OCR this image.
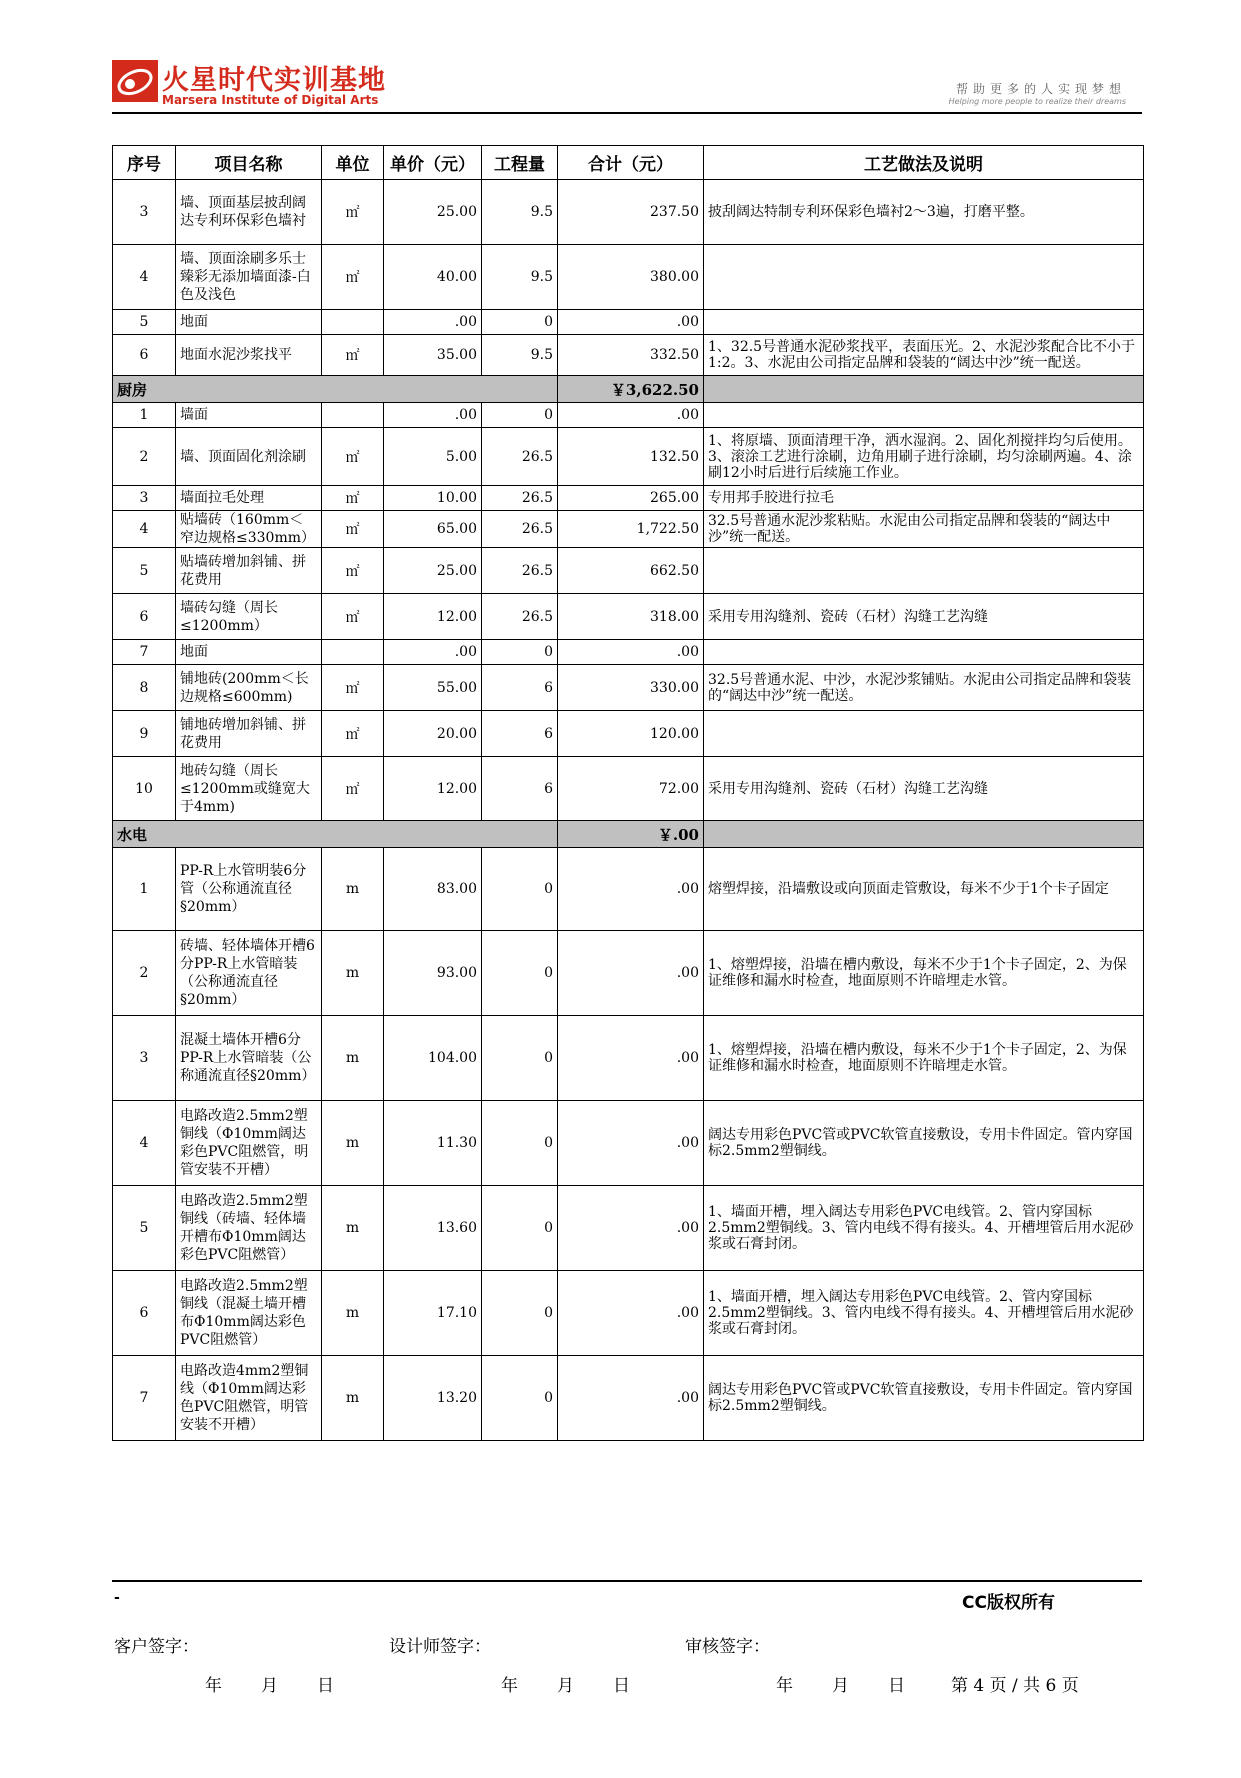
火星时代实训基地
Marsera Institute of Digital Arts
帮助更多的人实现梦想
Helping more people to realize their dreams
序号	项目名称	单位	单价（元）	工程量	合计（元）	工艺做法及说明
3	墙、顶面基层披刮阔达专利环保彩色墙衬	㎡	25.00	9.5	237.50	披刮阔达特制专利环保彩色墙衬2～3遍，打磨平整。
4	墙、顶面涂刷多乐士臻彩无添加墙面漆-白色及浅色	㎡	40.00	9.5	380.00	
5	地面		.00	0	.00	
6	地面水泥沙浆找平	㎡	35.00	9.5	332.50	1、32.5号普通水泥砂浆找平，表面压光。2、水泥沙浆配合比不小于1:2。3、水泥由公司指定品牌和袋装的“阔达中沙”统一配送。
厨房					￥3,622.50	
1	墙面		.00	0	.00	
2	墙、顶面固化剂涂刷	㎡	5.00	26.5	132.50	1、将原墙、顶面清理干净，洒水湿润。2、固化剂搅拌均匀后使用。3、滚涂工艺进行涂刷，边角用刷子进行涂刷，均匀涂刷两遍。4、涂刷12小时后进行后续施工作业。
3	墙面拉毛处理	㎡	10.00	26.5	265.00	专用邦手胶进行拉毛
4	贴墙砖（160mm＜窄边规格≤330mm）	㎡	65.00	26.5	1,722.50	32.5号普通水泥沙浆粘贴。水泥由公司指定品牌和袋装的“阔达中沙”统一配送。
5	贴墙砖增加斜铺、拼花费用	㎡	25.00	26.5	662.50	
6	墙砖勾缝（周长≤1200mm）	㎡	12.00	26.5	318.00	采用专用沟缝剂、瓷砖（石材）沟缝工艺沟缝
7	地面		.00	0	.00	
8	铺地砖(200mm＜长边规格≤600mm)	㎡	55.00	6	330.00	32.5号普通水泥、中沙，水泥沙浆铺贴。水泥由公司指定品牌和袋装的“阔达中沙”统一配送。
9	铺地砖增加斜铺、拼花费用	㎡	20.00	6	120.00	
10	地砖勾缝（周长≤1200mm或缝宽大于4mm)	㎡	12.00	6	72.00	采用专用沟缝剂、瓷砖（石材）沟缝工艺沟缝
水电					￥.00	
1	PP-R上水管明装6分管（公称通流直径§20mm）	m	83.00	0	.00	熔塑焊接，沿墙敷设或向顶面走管敷设，每米不少于1个卡子固定
2	砖墙、轻体墙体开槽6分PP-R上水管暗装（公称通流直径§20mm）	m	93.00	0	.00	1、熔塑焊接，沿墙在槽内敷设，每米不少于1个卡子固定，2、为保证维修和漏水时检查，地面原则不许暗埋走水管。
3	混凝土墙体开槽6分PP-R上水管暗装（公称通流直径§20mm）	m	104.00	0	.00	1、熔塑焊接，沿墙在槽内敷设，每米不少于1个卡子固定，2、为保证维修和漏水时检查，地面原则不许暗埋走水管。
4	电路改造2.5mm2塑铜线（Φ10mm阔达彩色PVC阻燃管，明管安装不开槽）	m	11.30	0	.00	阔达专用彩色PVC管或PVC软管直接敷设，专用卡件固定。管内穿国标2.5mm2塑铜线。
5	电路改造2.5mm2塑铜线（砖墙、轻体墙开槽布Φ10mm阔达彩色PVC阻燃管）	m	13.60	0	.00	1、墙面开槽，埋入阔达专用彩色PVC电线管。2、管内穿国标2.5mm2塑铜线。3、管内电线不得有接头。4、开槽埋管后用水泥砂浆或石膏封闭。
6	电路改造2.5mm2塑铜线（混凝土墙开槽布Φ10mm阔达彩色PVC阻燃管）	m	17.10	0	.00	1、墙面开槽，埋入阔达专用彩色PVC电线管。2、管内穿国标2.5mm2塑铜线。3、管内电线不得有接头。4、开槽埋管后用水泥砂浆或石膏封闭。
7	电路改造4mm2塑铜线（Φ10mm阔达彩色PVC阻燃管，明管安装不开槽）	m	13.20	0	.00	阔达专用彩色PVC管或PVC软管直接敷设，专用卡件固定。管内穿国标2.5mm2塑铜线。
-	CC版权所有
客户签字：	设计师签字：	审核签字：
年 月 日	年 月 日	年 月 日	第 4 页 / 共 6 页
